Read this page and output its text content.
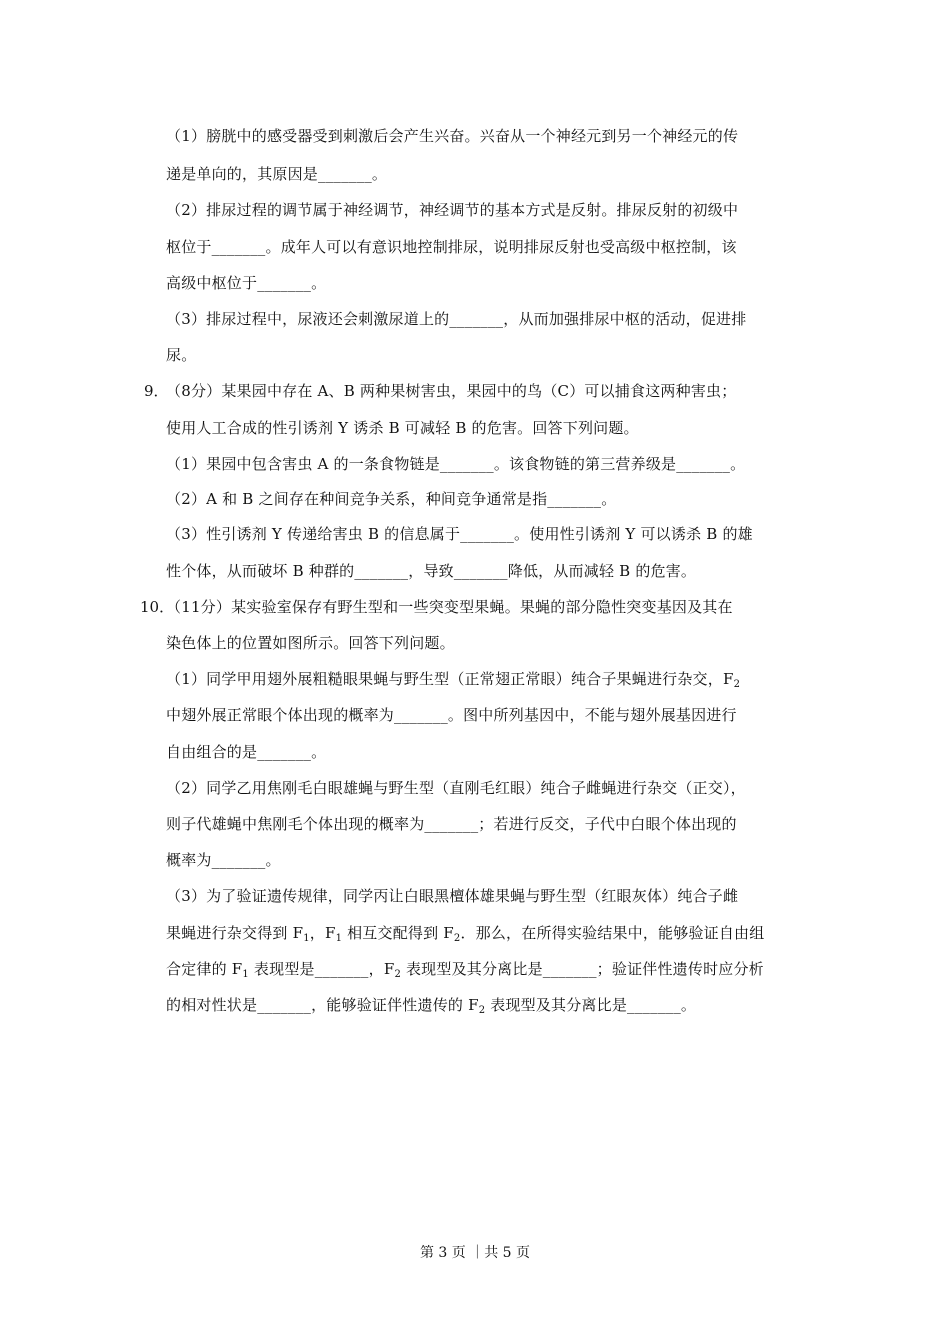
（1）膀胱中的感受器受到刺激后会产生兴奋。兴奋从一个神经元到另一个神经元的传
递是单向的，其原因是_______。
（2）排尿过程的调节属于神经调节，神经调节的基本方式是反射。排尿反射的初级中
枢位于_______。成年人可以有意识地控制排尿，说明排尿反射也受高级中枢控制，该
高级中枢位于_______。
（3）排尿过程中，尿液还会刺激尿道上的_______，从而加强排尿中枢的活动，促进排
尿。
9．
（8分）某果园中存在 A、B 两种果树害虫，果园中的鸟（C）可以捕食这两种害虫；
使用人工合成的性引诱剂 Y 诱杀 B 可减轻 B 的危害。回答下列问题。
（1）果园中包含害虫 A 的一条食物链是_______。该食物链的第三营养级是_______。
（2）A 和 B 之间存在种间竞争关系，种间竞争通常是指_______。
（3）性引诱剂 Y 传递给害虫 B 的信息属于_______。使用性引诱剂 Y 可以诱杀 B 的雄
性个体，从而破坏 B 种群的_______，导致_______降低，从而减轻 B 的危害。
10．
（11分）某实验室保存有野生型和一些突变型果蝇。果蝇的部分隐性突变基因及其在
染色体上的位置如图所示。回答下列问题。
（1）同学甲用翅外展粗糙眼果蝇与野生型（正常翅正常眼）纯合子果蝇进行杂交，$F_2$
中翅外展正常眼个体出现的概率为_______。图中所列基因中，不能与翅外展基因进行
自由组合的是_______。
（2）同学乙用焦刚毛白眼雄蝇与野生型（直刚毛红眼）纯合子雌蝇进行杂交（正交），
则子代雄蝇中焦刚毛个体出现的概率为_______；若进行反交，子代中白眼个体出现的
概率为_______。
（3）为了验证遗传规律，同学丙让白眼黑檀体雄果蝇与野生型（红眼灰体）纯合子雌
果蝇进行杂交得到 $F_1$，$F_1$ 相互交配得到 $F_2$．那么，在所得实验结果中，能够验证自由组
合定律的 $F_1$ 表现型是_______，$F_2$ 表现型及其分离比是_______；验证伴性遗传时应分析
的相对性状是_______，能够验证伴性遗传的 $F_2$ 表现型及其分离比是_______。
第 3 页 ｜共 5 页
